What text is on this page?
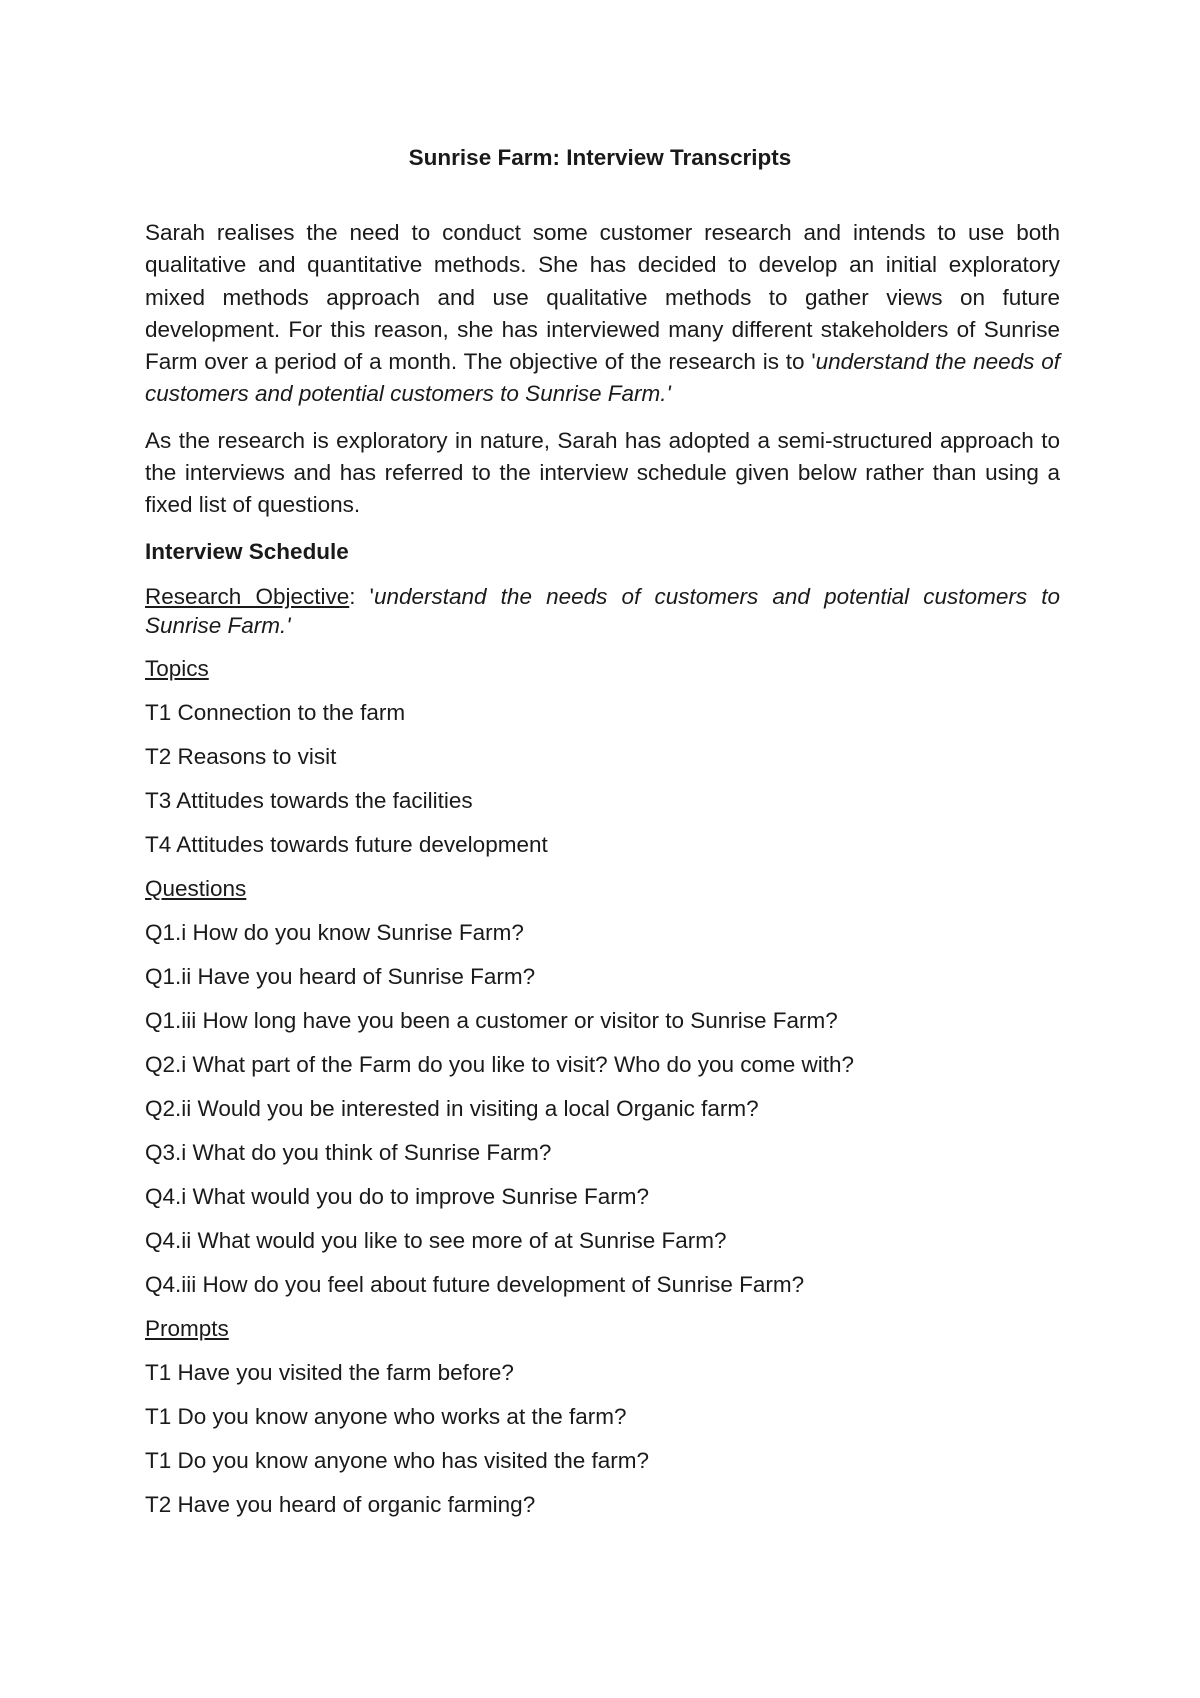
Sunrise Farm: Interview Transcripts

Sarah realises the need to conduct some customer research and intends to use both qualitative and quantitative methods. She has decided to develop an initial exploratory mixed methods approach and use qualitative methods to gather views on future development. For this reason, she has interviewed many different stakeholders of Sunrise Farm over a period of a month. The objective of the research is to 'understand the needs of customers and potential customers to Sunrise Farm.'

As the research is exploratory in nature, Sarah has adopted a semi-structured approach to the interviews and has referred to the interview schedule given below rather than using a fixed list of questions.

Interview Schedule

Research Objective: 'understand the needs of customers and potential customers to Sunrise Farm.'

Topics

T1 Connection to the farm

T2 Reasons to visit

T3 Attitudes towards the facilities

T4 Attitudes towards future development

Questions

Q1.i How do you know Sunrise Farm?

Q1.ii Have you heard of Sunrise Farm?

Q1.iii How long have you been a customer or visitor to Sunrise Farm?

Q2.i What part of the Farm do you like to visit? Who do you come with?

Q2.ii Would you be interested in visiting a local Organic farm?

Q3.i What do you think of Sunrise Farm?

Q4.i What would you do to improve Sunrise Farm?

Q4.ii What would you like to see more of at Sunrise Farm?

Q4.iii How do you feel about future development of Sunrise Farm?

Prompts

T1 Have you visited the farm before?

T1 Do you know anyone who works at the farm?

T1 Do you know anyone who has visited the farm?

T2 Have you heard of organic farming?
